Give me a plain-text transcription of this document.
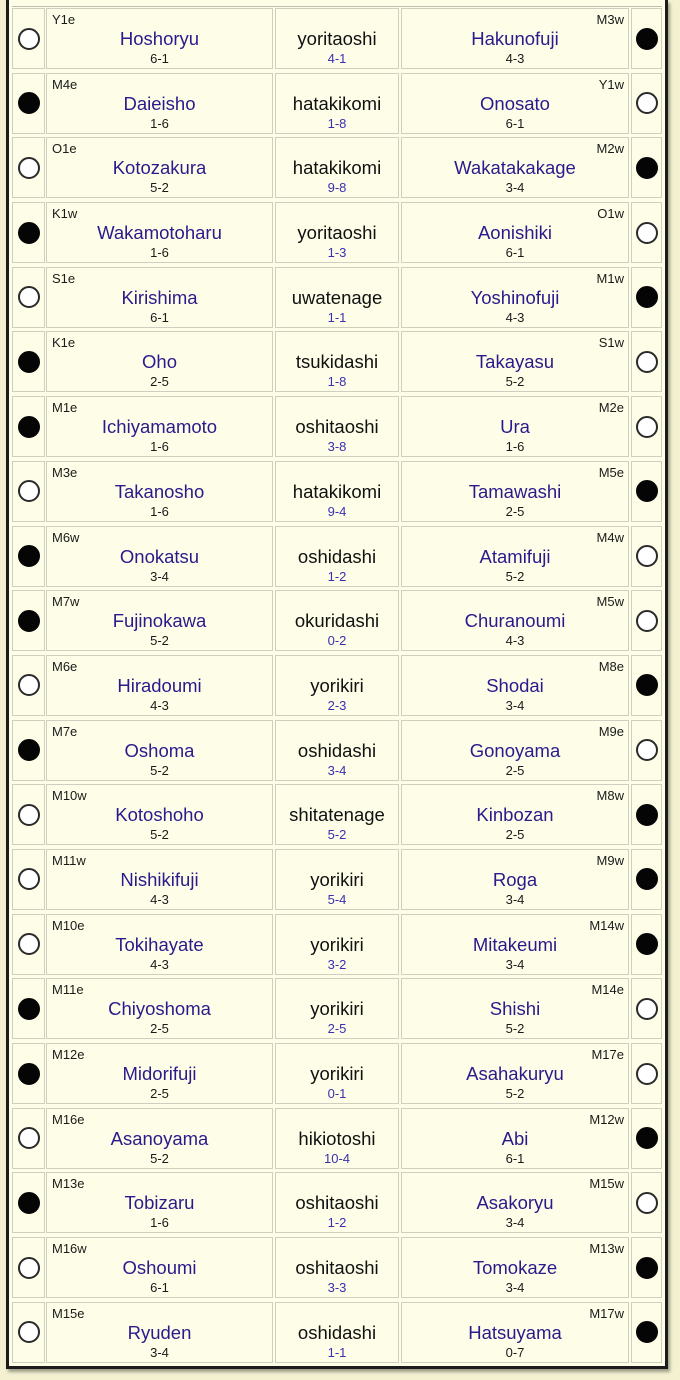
Y1e
Hoshoryu
6-1
yoritaoshi
4-1
M3w
Hakunofuji
4-3
M4e
Daieisho
1-6
hatakikomi
1-8
Y1w
Onosato
6-1
O1e
Kotozakura
5-2
hatakikomi
9-8
M2w
Wakatakakage
3-4
K1w
Wakamotoharu
1-6
yoritaoshi
1-3
O1w
Aonishiki
6-1
S1e
Kirishima
6-1
uwatenage
1-1
M1w
Yoshinofuji
4-3
K1e
Oho
2-5
tsukidashi
1-8
S1w
Takayasu
5-2
M1e
Ichiyamamoto
1-6
oshitaoshi
3-8
M2e
Ura
1-6
M3e
Takanosho
1-6
hatakikomi
9-4
M5e
Tamawashi
2-5
M6w
Onokatsu
3-4
oshidashi
1-2
M4w
Atamifuji
5-2
M7w
Fujinokawa
5-2
okuridashi
0-2
M5w
Churanoumi
4-3
M6e
Hiradoumi
4-3
yorikiri
2-3
M8e
Shodai
3-4
M7e
Oshoma
5-2
oshidashi
3-4
M9e
Gonoyama
2-5
M10w
Kotoshoho
5-2
shitatenage
5-2
M8w
Kinbozan
2-5
M11w
Nishikifuji
4-3
yorikiri
5-4
M9w
Roga
3-4
M10e
Tokihayate
4-3
yorikiri
3-2
M14w
Mitakeumi
3-4
M11e
Chiyoshoma
2-5
yorikiri
2-5
M14e
Shishi
5-2
M12e
Midorifuji
2-5
yorikiri
0-1
M17e
Asahakuryu
5-2
M16e
Asanoyama
5-2
hikiotoshi
10-4
M12w
Abi
6-1
M13e
Tobizaru
1-6
oshitaoshi
1-2
M15w
Asakoryu
3-4
M16w
Oshoumi
6-1
oshitaoshi
3-3
M13w
Tomokaze
3-4
M15e
Ryuden
3-4
oshidashi
1-1
M17w
Hatsuyama
0-7
